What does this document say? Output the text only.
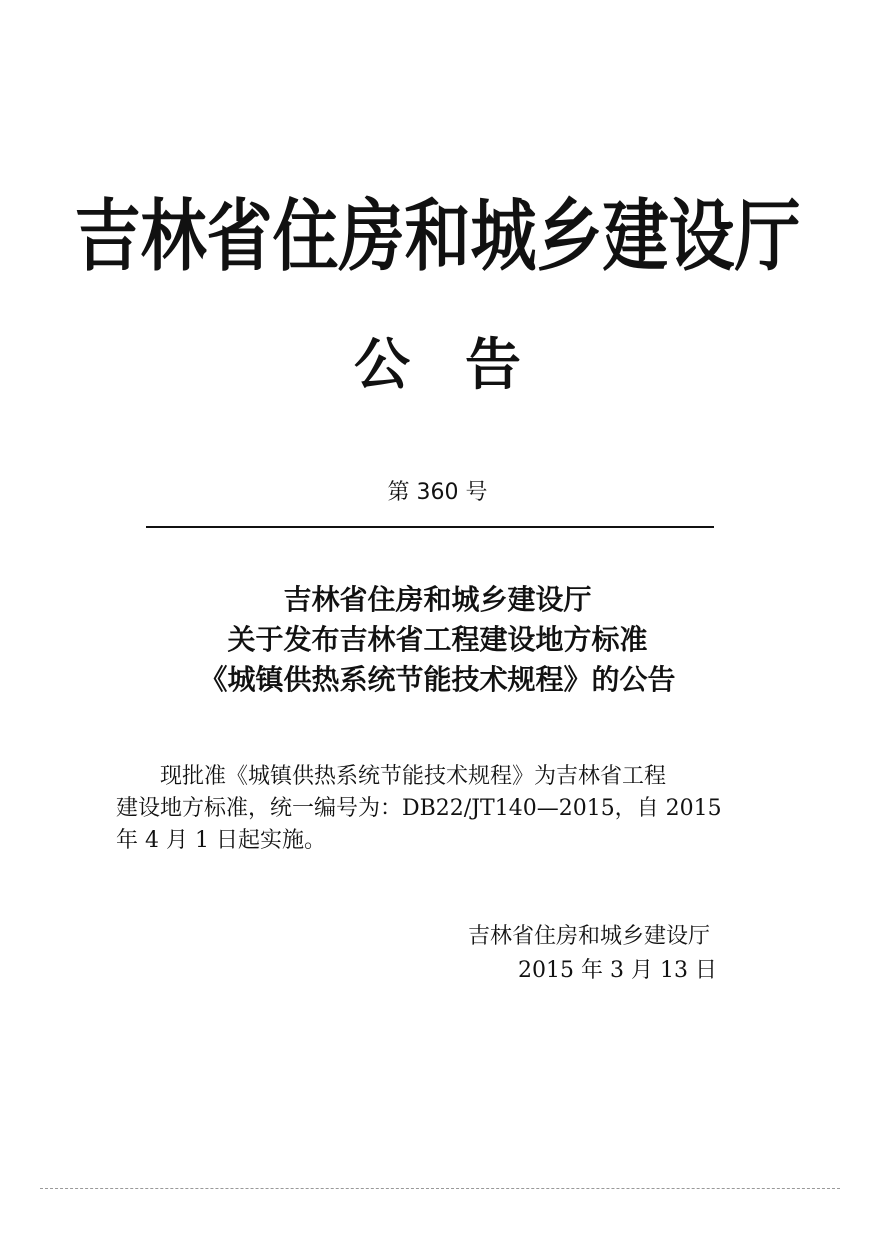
吉林省住房和城乡建设厅
公告
第 360 号
吉林省住房和城乡建设厅
关于发布吉林省工程建设地方标准
《城镇供热系统节能技术规程》的公告
现批准《城镇供热系统节能技术规程》为吉林省工程
建设地方标准，统一编号为：DB22/JT140—2015，自 2015
年 4 月 1 日起实施。
吉林省住房和城乡建设厅
2015 年 3 月 13 日
